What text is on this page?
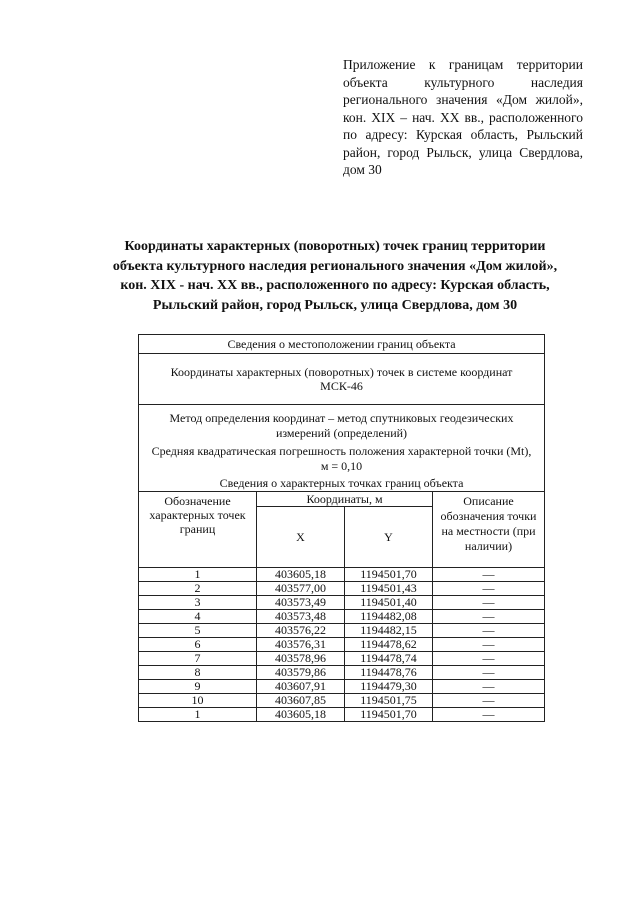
Приложение к границам территории объекта культурного наследия регионального значения «Дом жилой», кон. XIX – нач. XX вв., расположенного по адресу: Курская область, Рыльский район, город Рыльск, улица Свердлова, дом 30
Координаты характерных (поворотных) точек границ территории объекта культурного наследия регионального значения «Дом жилой», кон. XIX - нач. XX вв., расположенного по адресу: Курская область, Рыльский район, город Рыльск, улица Свердлова, дом 30
Сведения о местоположении границ объекта			
Координаты характерных (поворотных) точек в системе координат МСК-46			

Метод определения координат – метод спутниковых геодезических измерений (определений)
Средняя квадратическая погрешность положения характерной точки (Mt), м = 0,10
Сведения о характерных точках границ объекта			

Обозначение характерных точек границ	Координаты, м		Описание обозначения точки на местности (при наличии)
	X	Y	
1	403605,18	1194501,70	—
2	403577,00	1194501,43	—
3	403573,49	1194501,40	—
4	403573,48	1194482,08	—
5	403576,22	1194482,15	—
6	403576,31	1194478,62	—
7	403578,96	1194478,74	—
8	403579,86	1194478,76	—
9	403607,91	1194479,30	—
10	403607,85	1194501,75	—
1	403605,18	1194501,70	—
